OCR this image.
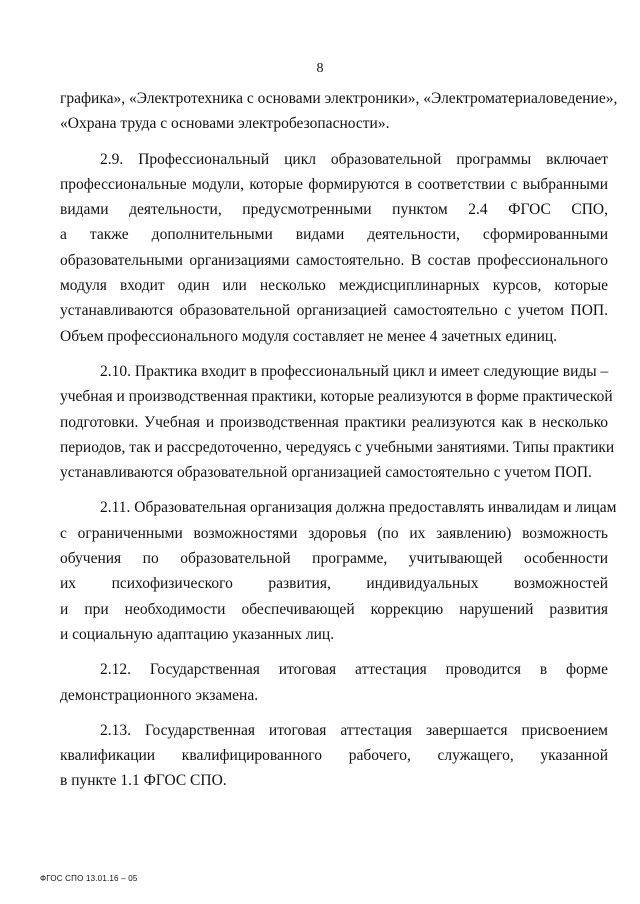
8
графика», «Электротехника с основами электроники», «Электроматериаловедение»,
«Охрана труда с основами электробезопасности».
2.9. Профессиональный цикл образовательной программы включает
профессиональные модули, которые формируются в соответствии с выбранными
видами деятельности, предусмотренными пунктом 2.4 ФГОС СПО,
а также дополнительными видами деятельности, сформированными
образовательными организациями самостоятельно. В состав профессионального
модуля входит один или несколько междисциплинарных курсов, которые
устанавливаются образовательной организацией самостоятельно с учетом ПОП.
Объем профессионального модуля составляет не менее 4 зачетных единиц.
2.10. Практика входит в профессиональный цикл и имеет следующие виды –
учебная и производственная практики, которые реализуются в форме практической
подготовки. Учебная и производственная практики реализуются как в несколько
периодов, так и рассредоточенно, чередуясь с учебными занятиями. Типы практики
устанавливаются образовательной организацией самостоятельно с учетом ПОП.
2.11. Образовательная организация должна предоставлять инвалидам и лицам
с ограниченными возможностями здоровья (по их заявлению) возможность
обучения по образовательной программе, учитывающей особенности
их психофизического развития, индивидуальных возможностей
и при необходимости обеспечивающей коррекцию нарушений развития
и социальную адаптацию указанных лиц.
2.12. Государственная итоговая аттестация проводится в форме
демонстрационного экзамена.
2.13. Государственная итоговая аттестация завершается присвоением
квалификации квалифицированного рабочего, служащего, указанной
в пункте 1.1 ФГОС СПО.
ФГОС СПО 13.01.16 – 05
